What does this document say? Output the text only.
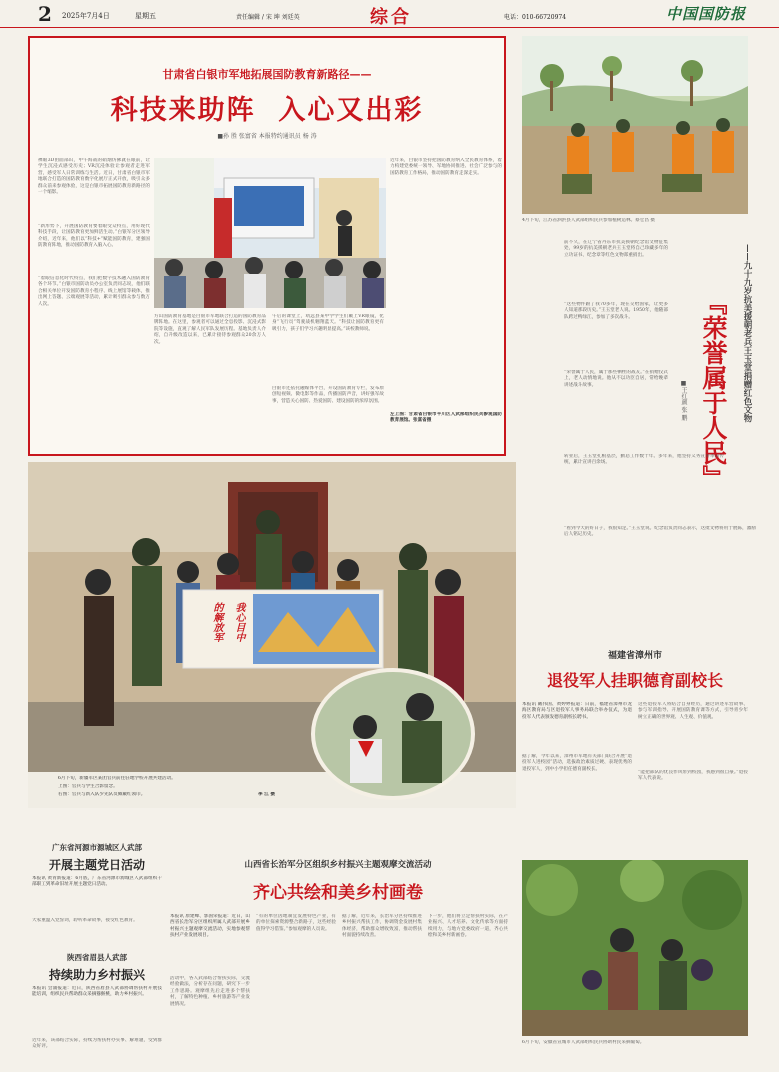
2 2025年7月4日	星期五	责任编辑 / 宋 坤 刘廷英	综合	电话：010-66720974	中国国防报
甘肃省白银市军地拓展国防教育新路径——
科技来助阵  入心又出彩
■孙 胜 张富省 本报特约通讯员 杨 涛
裸眼3D由面部识，甲午海战的硝烟仿佛就在眼前，让学生沉浸式感受历史；VR沉浸体验让参观者走进军营，感受军人日常训练与生活。近日，甘肃省白银市军地联合打造的国防教育数字化展厅正式开放，吸引众多群众前来参观体验，这是白银市拓展国防教育新路径的一个缩影。
“新形势下，开展国防教育要着眼受众特点，用好现代科技手段，让国防教育更加鲜活生动。”白银军分区领导介绍，近年来，他们以“科技+”赋能国防教育，建强国防教育阵地，推动国防教育入脑入心。
“着眼信息化时代特点，我们把数字技术融入国防教育各个环节。”白银市国防动员办公室负责同志说，他们联合相关单位开发国防教育小程序、线上展馆等载体，推出网上答题、云端观展等活动，累计吸引群众参与数万人次。
方山国防教育基地是白银市军地联合打造的国防教育品牌阵地。在这里，参观者可以通过全息投影、沉浸式影院等设施，直观了解人民军队发展历程。基地负责人介绍，自升级改造以来，已累计接待参观群众20余万人次。
午后的课堂上，靖远县某中学学生们戴上VR眼镜，化身“飞行员”驾驶战机翱翔蓝天。“科技让国防教育更有吸引力，孩子们学习兴趣明显提高。”该校教师说。
白银市还依托融媒体平台，开设国防教育专栏，发布原创短视频、微电影等作品，传播国防声音，讲好强军故事，营造关心国防、热爱国防、建设国防的浓厚氛围。
近年来，白银市坚持把国防教育纳入全民教育体系，着力构建党委统一领导、军地协同推进、社会广泛参与的国防教育工作格局，推动国防教育走深走实。
左上图：甘肃省白银市平川区人武部组织民兵参观国防教育展馆。张富省摄
4月下旬，江苏省泗洪县人武部组织民兵参加植树造林。蔡仓昌 摄
『荣誉属于人民』	——九十九岁抗美援朝老兵王玉堂捐赠红色文物
■王红颜 张 鹏
前不久，在辽宁省丹东市抗美援朝纪念馆文物征集处，99岁的抗美援朝老兵王玉堂将自己珍藏多年的立功证书、纪念章等红色文物郑重捐出。
“这些物件跟了我70多年，现在交给国家，让更多人知道那段历史。”王玉堂老人说。1950年，他随部队跨过鸭绿江，参加了多次战斗。
“荣誉属于人民，属于那些牺牲的战友。”在捐赠仪式上，老人动情地说。他从不以功臣自居，常给晚辈讲述战斗故事。
转业后，王玉堂扎根基层，勤恳工作数十年。多年来，他坚持义务宣讲革命传统，累计宣讲百余场。
“看到今天的好日子，我很知足。”王玉堂说。纪念馆负责同志表示，这批文物将用于展陈，激励后人铭记历史。
我心目中
的解放军
6月下旬，新疆军区某团官兵前往驻地学校开展共建活动。
上图：官兵与学生合影留念。
右图：官兵与新入队少先队员佩戴红领巾。	李 江 摄
福建省漳州市
退役军人挂职德育副校长
本报讯 戴伟国、黄婷婷报道：日前，福建省漳州市龙海区教育局与区退役军人事务局联合举办仪式，为退役军人代表颁发德育副校长聘书。
据了解，今年以来，漳州市军地有关部门联合开展“退役军人进校园”活动，选拔政治素质过硬、表现优秀的退役军人，到中小学担任德育副校长。
这些退役军人将结合自身经历，通过讲述军营故事、参与军训指导、开展国防教育课等方式，引导青少年树立正确的世界观、人生观、价值观。
“能把部队的优良作风带到校园，我感到很自豪。”退役军人代表说。
广东省河源市源城区人武部
开展主题党日活动
本报讯 黄青新报道：6月底，广东省河源市源城区人武部组织干部职工到革命旧址开展主题党日活动。
大家重温入党誓词，聆听革命故事，接受红色教育。
陕西省眉县人武部
持续助力乡村振兴
本报讯 会涌报道：近日，陕西省眉县人武部协调帮扶村开展技能培训，组织民兵帮助群众采摘猕猴桃，助力乡村振兴。
近年来，该部结合实际，持续为帮扶村办实事、解难题，受到群众好评。
山西省长治军分区组织乡村振兴主题观摩交流活动
齐心共绘和美乡村画卷
本报讯 原建峰、郭国荣报道：近日，山西省长治军分区组织所属人武部开展乡村振兴主题观摩交流活动，实地参观帮扶村产业发展项目。
活动中，各人武部结合帮扶实际，交流经验做法，分析存在问题，研究下一步工作思路。观摩组先后走进多个帮扶村，了解特色种植、乡村旅游等产业发展情况。
“有的单位因地制宜发展特色产业，有的单位探索资源整合新路子，这些经验值得学习借鉴。”参加观摩的人员说。
据了解，近年来，长治军分区持续推进乡村振兴帮扶工作，协调资金发展村集体经济，帮助群众增收致富，推动帮扶村面貌持续改善。
下一步，他们将立足帮扶村实际，在产业振兴、人才培养、文化传承等方面持续用力，与地方党委政府一道，齐心共绘和美乡村新画卷。
6月下旬，安徽省宣城市人武部组织民兵协助村民采摘葡萄。
